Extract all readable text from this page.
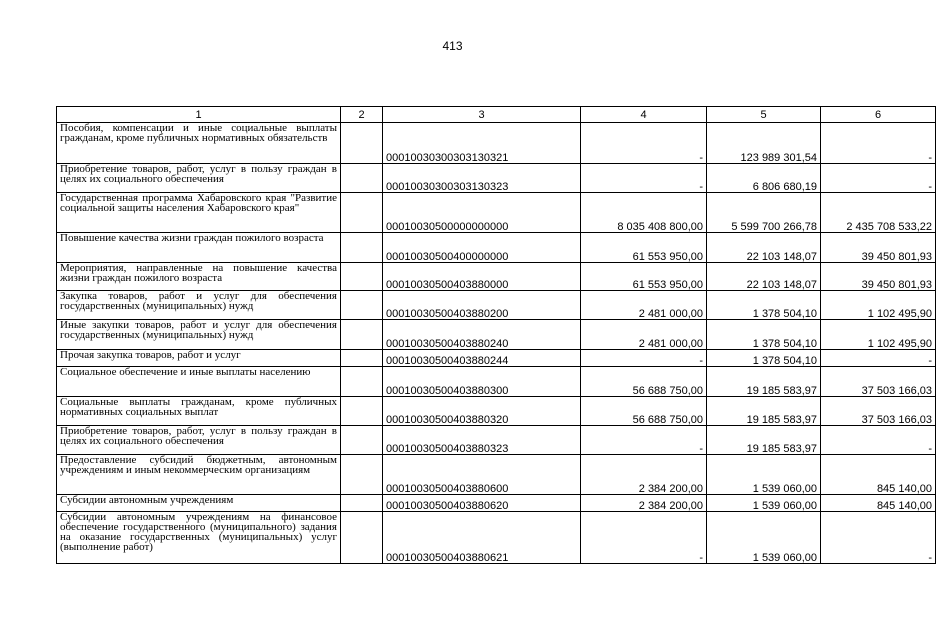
413
1	2	3	4	5	6
Пособия, компенсации и иные социальные выплаты гражданам, кроме публичных нормативных обязательств		00010030300303130321	-	123 989 301,54	-
Приобретение товаров, работ, услуг в пользу граждан в целях их социального обеспечения		00010030300303130323	-	6 806 680,19	-
Государственная программа Хабаровского края "Развитие социальной защиты населения Хабаровского края"		00010030500000000000	8 035 408 800,00	5 599 700 266,78	2 435 708 533,22
Повышение качества жизни граждан пожилого возраста		00010030500400000000	61 553 950,00	22 103 148,07	39 450 801,93
Мероприятия, направленные на повышение качества жизни граждан пожилого возраста		00010030500403880000	61 553 950,00	22 103 148,07	39 450 801,93
Закупка товаров, работ и услуг для обеспечения государственных (муниципальных) нужд		00010030500403880200	2 481 000,00	1 378 504,10	1 102 495,90
Иные закупки товаров, работ и услуг для обеспечения государственных (муниципальных) нужд		00010030500403880240	2 481 000,00	1 378 504,10	1 102 495,90
Прочая закупка товаров, работ и услуг		00010030500403880244	-	1 378 504,10	-
Социальное обеспечение и иные выплаты населению		00010030500403880300	56 688 750,00	19 185 583,97	37 503 166,03
Социальные выплаты гражданам, кроме публичных нормативных социальных выплат		00010030500403880320	56 688 750,00	19 185 583,97	37 503 166,03
Приобретение товаров, работ, услуг в пользу граждан в целях их социального обеспечения		00010030500403880323	-	19 185 583,97	-
Предоставление субсидий бюджетным, автономным учреждениям и иным некоммерческим организациям		00010030500403880600	2 384 200,00	1 539 060,00	845 140,00
Субсидии автономным учреждениям		00010030500403880620	2 384 200,00	1 539 060,00	845 140,00
Субсидии автономным учреждениям на финансовое обеспечение государственного (муниципального) задания на оказание государственных (муниципальных) услуг (выполнение работ)		00010030500403880621	-	1 539 060,00	-
